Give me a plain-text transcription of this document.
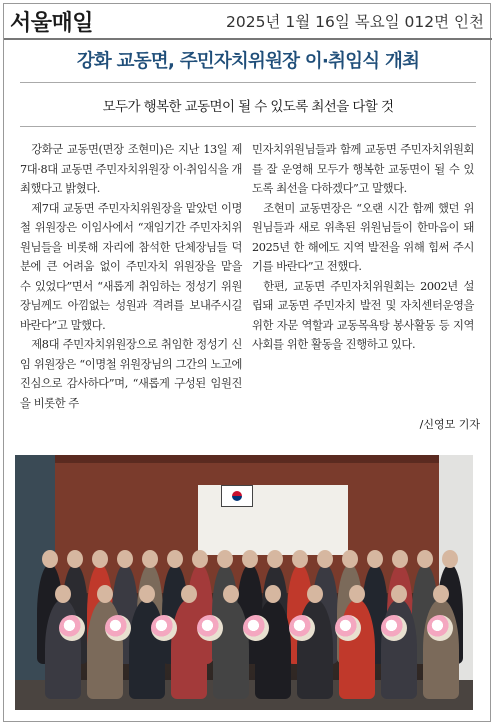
서울매일	2025년 1월 16일 목요일 012면 인천
강화 교동면, 주민자치위원장 이·취임식 개최
모두가 행복한 교동면이 될 수 있도록 최선을 다할 것

강화군 교동면(면장 조현미)은 지난 13일 제7대·8대 교동면 주민자치위원장 이·취임식을 개최했다고 밝혔다.

제7대 교동면 주민자치위원장을 맡았던 이명철 위원장은 이임사에서 “재임기간 주민자치위원님들을 비롯해 자리에 참석한 단체장님들 덕분에 큰 어려움 없이 주민자치 위원장을 맡을 수 있었다”면서 “새롭게 취임하는 정성기 위원장님께도 아낌없는 성원과 격려를 보내주시길 바란다”고 말했다.

제8대 주민자치위원장으로 취임한 정성기 신임 위원장은 “이명철 위원장님의 그간의 노고에 진심으로 감사하다”며, “새롭게 구성된 임원진을 비롯한 주

민자치위원님들과 함께 교동면 주민자치위원회를 잘 운영해 모두가 행복한 교동면이 될 수 있도록 최선을 다하겠다”고 말했다.

조현미 교동면장은 “오랜 시간 함께 했던 위원님들과 새로 위촉된 위원님들이 한마음이 돼 2025년 한 해에도 지역 발전을 위해 힘써 주시기를 바란다”고 전했다.

한편, 교동면 주민자치위원회는 2002년 설립돼 교동면 주민자치 발전 및 자치센터운영을 위한 자문 역할과 교동목욕탕 봉사활동 등 지역사회를 위한 활동을 진행하고 있다.

/신영모 기자
